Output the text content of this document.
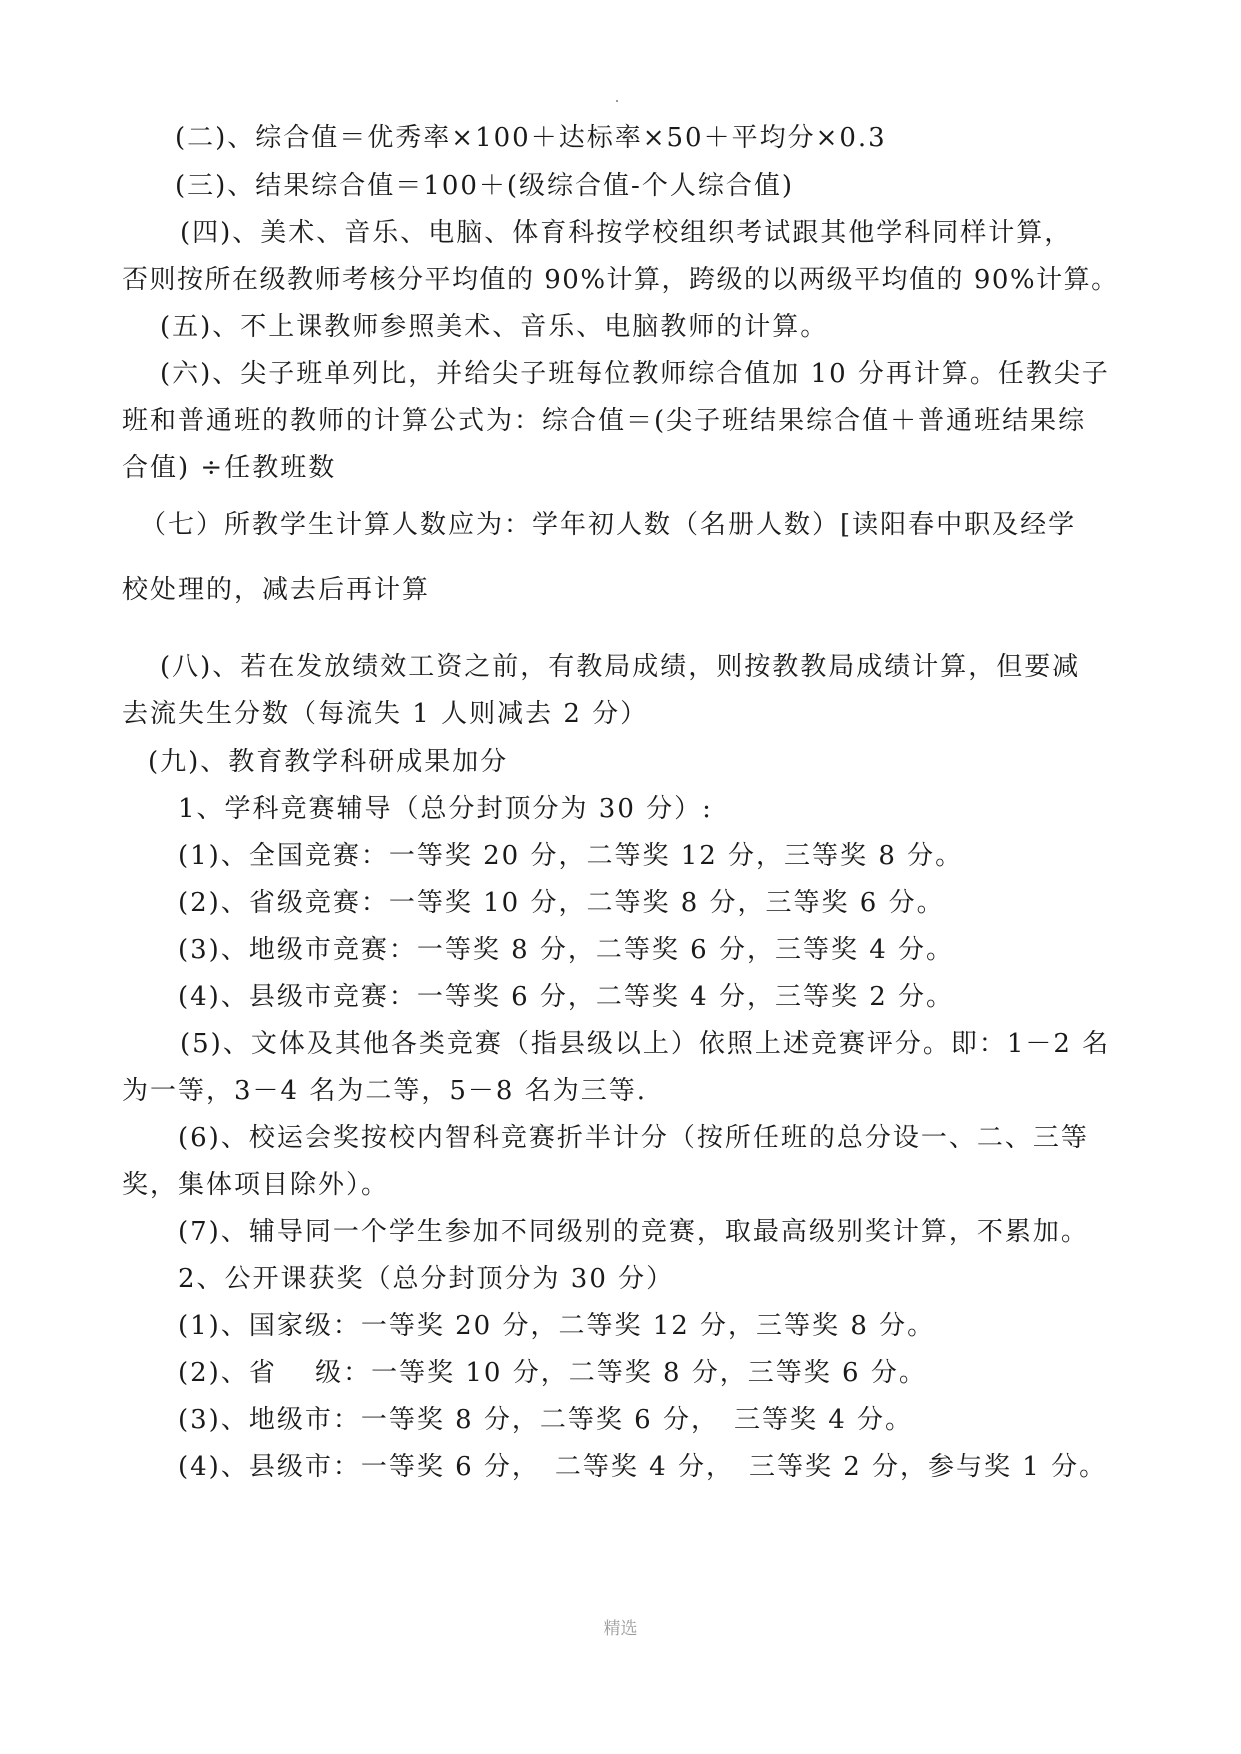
(二)、综合值＝优秀率×100＋达标率×50＋平均分×0.3
(三)、结果综合值＝100＋(级综合值-个人综合值)
(四)、美术、音乐、电脑、体育科按学校组织考试跟其他学科同样计算，
否则按所在级教师考核分平均值的 90%计算，跨级的以两级平均值的 90%计算。
(五)、不上课教师参照美术、音乐、电脑教师的计算。
(六)、尖子班单列比，并给尖子班每位教师综合值加 10 分再计算。任教尖子
班和普通班的教师的计算公式为：综合值＝(尖子班结果综合值＋普通班结果综
合值) ÷任教班数
（七）所教学生计算人数应为：学年初人数（名册人数）[读阳春中职及经学
校处理的，减去后再计算
(八)、若在发放绩效工资之前，有教局成绩，则按教教局成绩计算，但要减
去流失生分数（每流失 1 人则减去 2 分）
(九)、教育教学科研成果加分
1、学科竞赛辅导（总分封顶分为 30 分）:
(1)、全国竞赛：一等奖 20 分，二等奖 12 分，三等奖 8 分。
(2)、省级竞赛：一等奖 10 分，二等奖 8 分，三等奖 6 分。
(3)、地级市竞赛：一等奖 8 分，二等奖 6 分，三等奖 4 分。
(4)、县级市竞赛：一等奖 6 分，二等奖 4 分，三等奖 2 分。
(5)、文体及其他各类竞赛（指县级以上）依照上述竞赛评分。即：1－2 名
为一等，3－4 名为二等，5－8 名为三等.
(6)、校运会奖按校内智科竞赛折半计分（按所任班的总分设一、二、三等
奖，集体项目除外）。
(7)、辅导同一个学生参加不同级别的竞赛，取最高级别奖计算，不累加。
2、公开课获奖（总分封顶分为 30 分）
(1)、国家级：一等奖 20 分，二等奖 12 分，三等奖 8 分。
(2)、省　 级：一等奖 10 分，二等奖 8 分，三等奖 6 分。
(3)、地级市：一等奖 8 分，二等奖 6 分，　三等奖 4 分。
(4)、县级市：一等奖 6 分，　二等奖 4 分，　三等奖 2 分，参与奖 1 分。
精选
